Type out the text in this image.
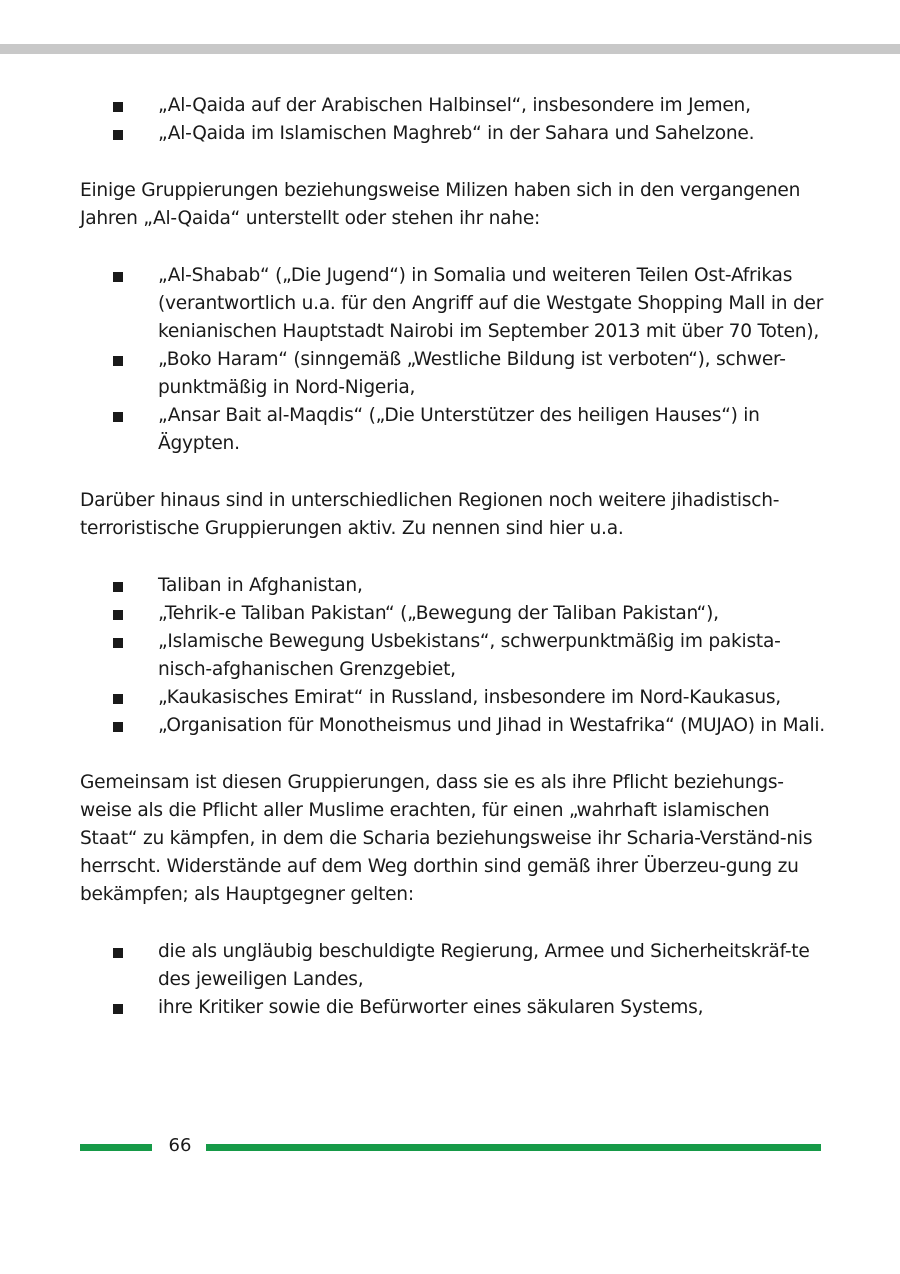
„Al-Qaida auf der Arabischen Halbinsel“, insbesondere im Jemen,
„Al-Qaida im Islamischen Maghreb“ in der Sahara und Sahelzone.

Einige Gruppierungen beziehungsweise Milizen haben sich in den vergangenen Jahren „Al-Qaida“ unterstellt oder stehen ihr nahe:

„Al-Shabab“ („Die Jugend“) in Somalia und weiteren Teilen Ost-Afrikas (verantwortlich u.a. für den Angriff auf die Westgate Shopping Mall in der kenianischen Hauptstadt Nairobi im September 2013 mit über 70 Toten),
„Boko Haram“ (sinngemäß „Westliche Bildung ist verboten“), schwer-punktmäßig in Nord-Nigeria,
„Ansar Bait al-Maqdis“ („Die Unterstützer des heiligen Hauses“) in Ägypten.

Darüber hinaus sind in unterschiedlichen Regionen noch weitere jihadistisch-terroristische Gruppierungen aktiv. Zu nennen sind hier u.a.

Taliban in Afghanistan,
„Tehrik-e Taliban Pakistan“ („Bewegung der Taliban Pakistan“),
„Islamische Bewegung Usbekistans“, schwerpunktmäßig im pakista-nisch-afghanischen Grenzgebiet,
„Kaukasisches Emirat“ in Russland, insbesondere im Nord-Kaukasus,
„Organisation für Monotheismus und Jihad in Westafrika“ (MUJAO) in Mali.

Gemeinsam ist diesen Gruppierungen, dass sie es als ihre Pflicht beziehungs-weise als die Pflicht aller Muslime erachten, für einen „wahrhaft islamischen Staat“ zu kämpfen, in dem die Scharia beziehungsweise ihr Scharia-Verständ-nis herrscht. Widerstände auf dem Weg dorthin sind gemäß ihrer Überzeu-gung zu bekämpfen; als Hauptgegner gelten:

die als ungläubig beschuldigte Regierung, Armee und Sicherheitskräf-te des jeweiligen Landes,
ihre Kritiker sowie die Befürworter eines säkularen Systems,
66
